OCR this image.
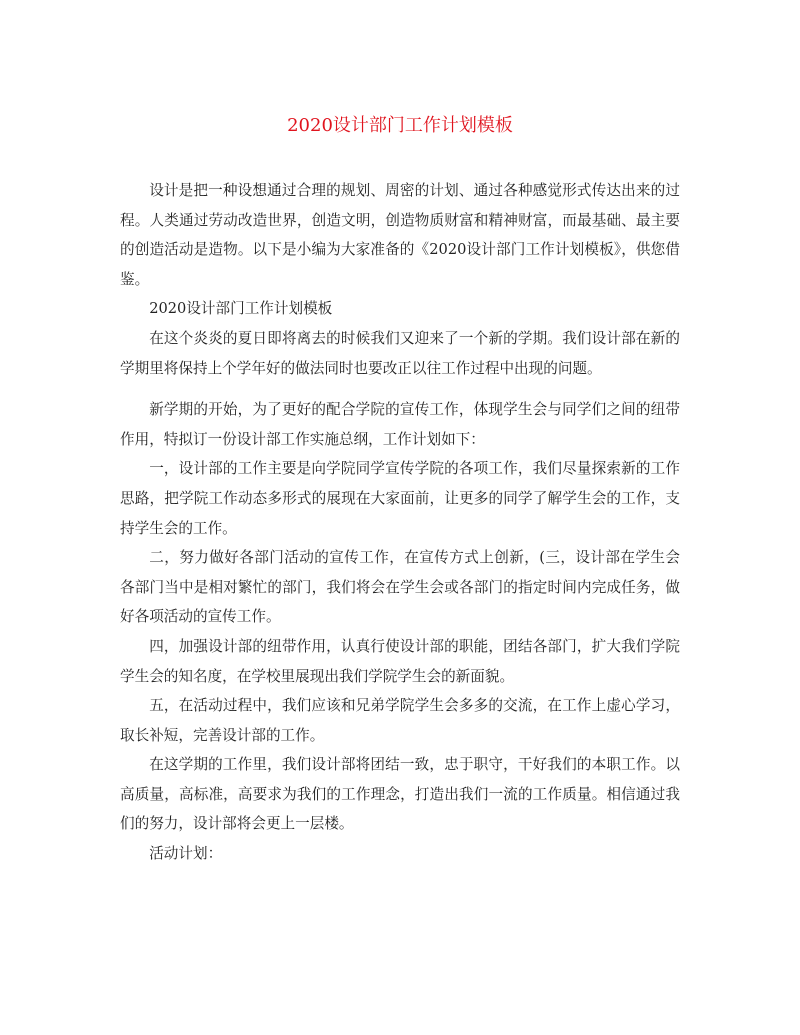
2020设计部门工作计划模板

设计是把一种设想通过合理的规划、周密的计划、通过各种感觉形式传达出来的过程。人类通过劳动改造世界，创造文明，创造物质财富和精神财富，而最基础、最主要的创造活动是造物。以下是小编为大家准备的《2020设计部门工作计划模板》，供您借鉴。

2020设计部门工作计划模板

在这个炎炎的夏日即将离去的时候我们又迎来了一个新的学期。我们设计部在新的学期里将保持上个学年好的做法同时也要改正以往工作过程中出现的问题。

新学期的开始，为了更好的配合学院的宣传工作，体现学生会与同学们之间的纽带作用，特拟订一份设计部工作实施总纲，工作计划如下：

一，设计部的工作主要是向学院同学宣传学院的各项工作，我们尽量探索新的工作思路，把学院工作动态多形式的展现在大家面前，让更多的同学了解学生会的工作，支持学生会的工作。

二，努力做好各部门活动的宣传工作，在宣传方式上创新，(三，设计部在学生会各部门当中是相对繁忙的部门，我们将会在学生会或各部门的指定时间内完成任务，做好各项活动的宣传工作。

四，加强设计部的纽带作用，认真行使设计部的职能，团结各部门，扩大我们学院学生会的知名度，在学校里展现出我们学院学生会的新面貌。

五，在活动过程中，我们应该和兄弟学院学生会多多的交流，在工作上虚心学习，取长补短，完善设计部的工作。

在这学期的工作里，我们设计部将团结一致，忠于职守，干好我们的本职工作。以高质量，高标准，高要求为我们的工作理念，打造出我们一流的工作质量。相信通过我们的努力，设计部将会更上一层楼。

活动计划：
